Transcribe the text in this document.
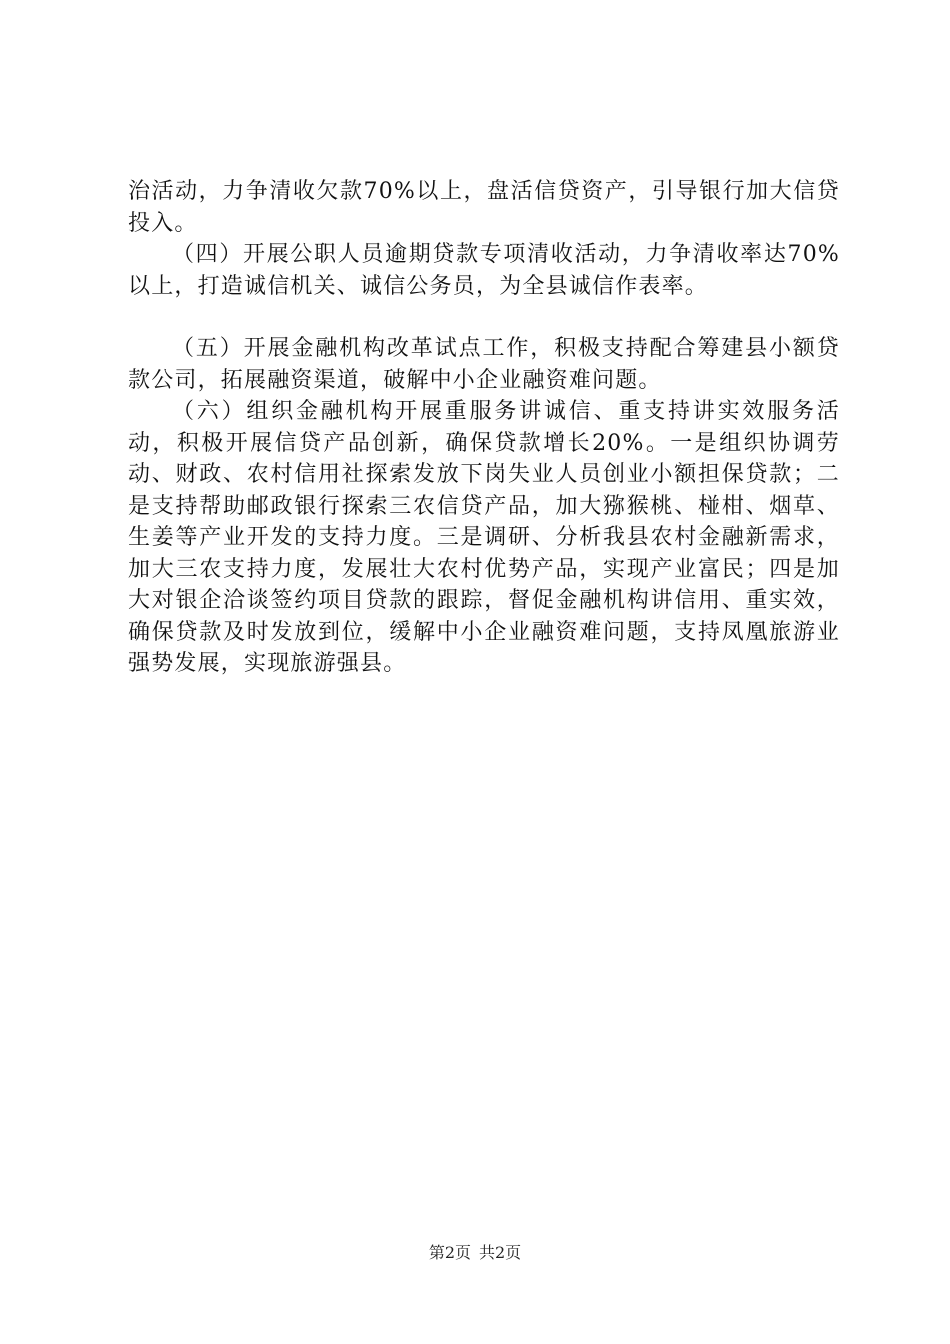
治活动，力争清收欠款70%以上，盘活信贷资产，引导银行加大信贷投入。

（四）开展公职人员逾期贷款专项清收活动，力争清收率达70%以上，打造诚信机关、诚信公务员，为全县诚信作表率。

（五）开展金融机构改革试点工作，积极支持配合筹建县小额贷款公司，拓展融资渠道，破解中小企业融资难问题。

（六）组织金融机构开展重服务讲诚信、重支持讲实效服务活动，积极开展信贷产品创新，确保贷款增长20%。一是组织协调劳动、财政、农村信用社探索发放下岗失业人员创业小额担保贷款；二是支持帮助邮政银行探索三农信贷产品，加大猕猴桃、椪柑、烟草、生姜等产业开发的支持力度。三是调研、分析我县农村金融新需求，加大三农支持力度，发展壮大农村优势产品，实现产业富民；四是加大对银企洽谈签约项目贷款的跟踪，督促金融机构讲信用、重实效，确保贷款及时发放到位，缓解中小企业融资难问题，支持凤凰旅游业强势发展，实现旅游强县。

第2页 共2页
